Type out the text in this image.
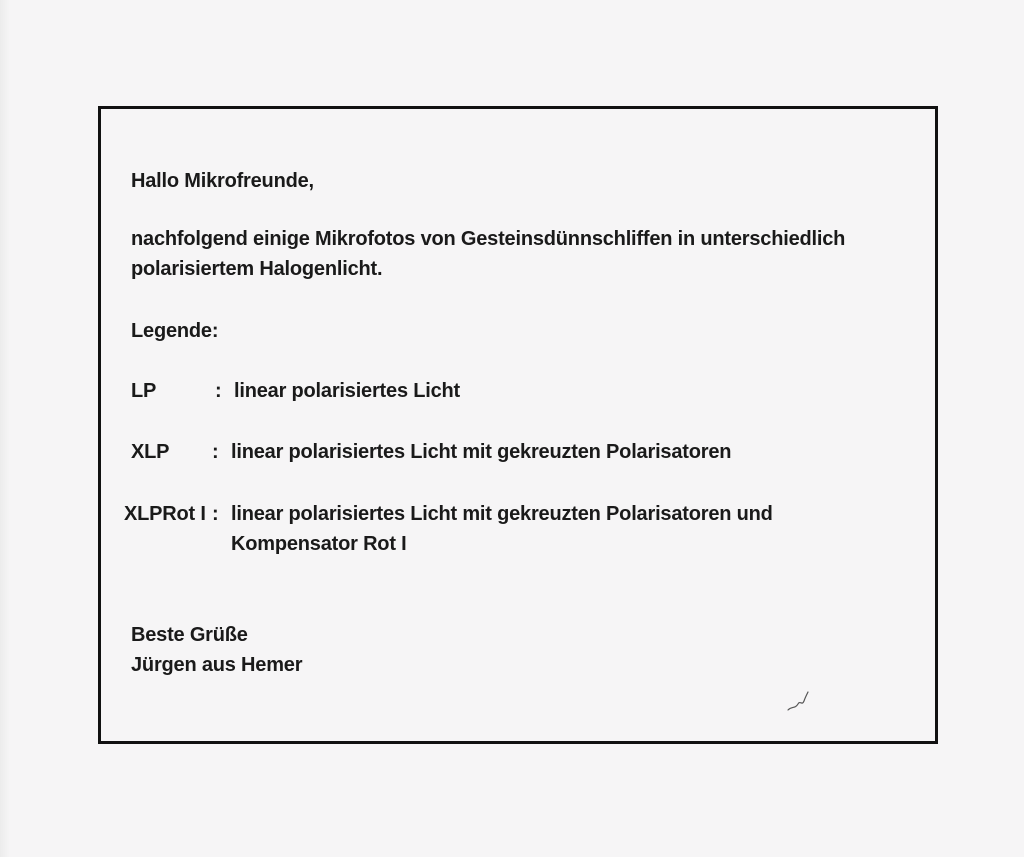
Hallo Mikrofreunde,
nachfolgend einige Mikrofotos von Gesteinsdünnschliffen in unterschiedlich
polarisiertem Halogenlicht.
Legende:
LP	: linear polarisiertes Licht
XLP : linear polarisiertes Licht mit gekreuzten Polarisatoren
XLPRot I : linear polarisiertes Licht mit gekreuzten Polarisatoren und
Kompensator Rot I
Beste Grüße
Jürgen aus Hemer
